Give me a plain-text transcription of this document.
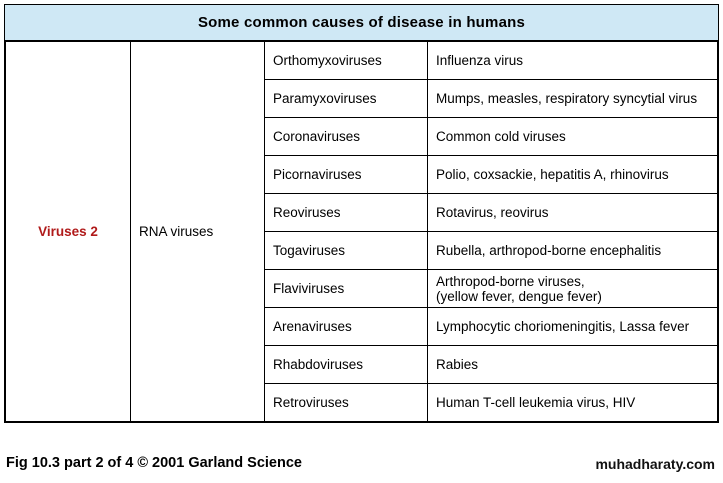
Some common causes of disease in humans
Viruses 2	RNA viruses	Orthomyxoviruses	Influenza virus
		Paramyxoviruses	Mumps, measles, respiratory syncytial virus
		Coronaviruses	Common cold viruses
		Picornaviruses	Polio, coxsackie, hepatitis A, rhinovirus
		Reoviruses	Rotavirus, reovirus
		Togaviruses	Rubella, arthropod-borne encephalitis
		Flaviviruses	Arthropod-borne viruses,
(yellow fever, dengue fever)

		Arenaviruses	Lymphocytic choriomeningitis, Lassa fever
		Rhabdoviruses	Rabies
		Retroviruses	Human T-cell leukemia virus, HIV
Fig 10.3 part 2 of 4 © 2001 Garland Science	muhadharaty.com
